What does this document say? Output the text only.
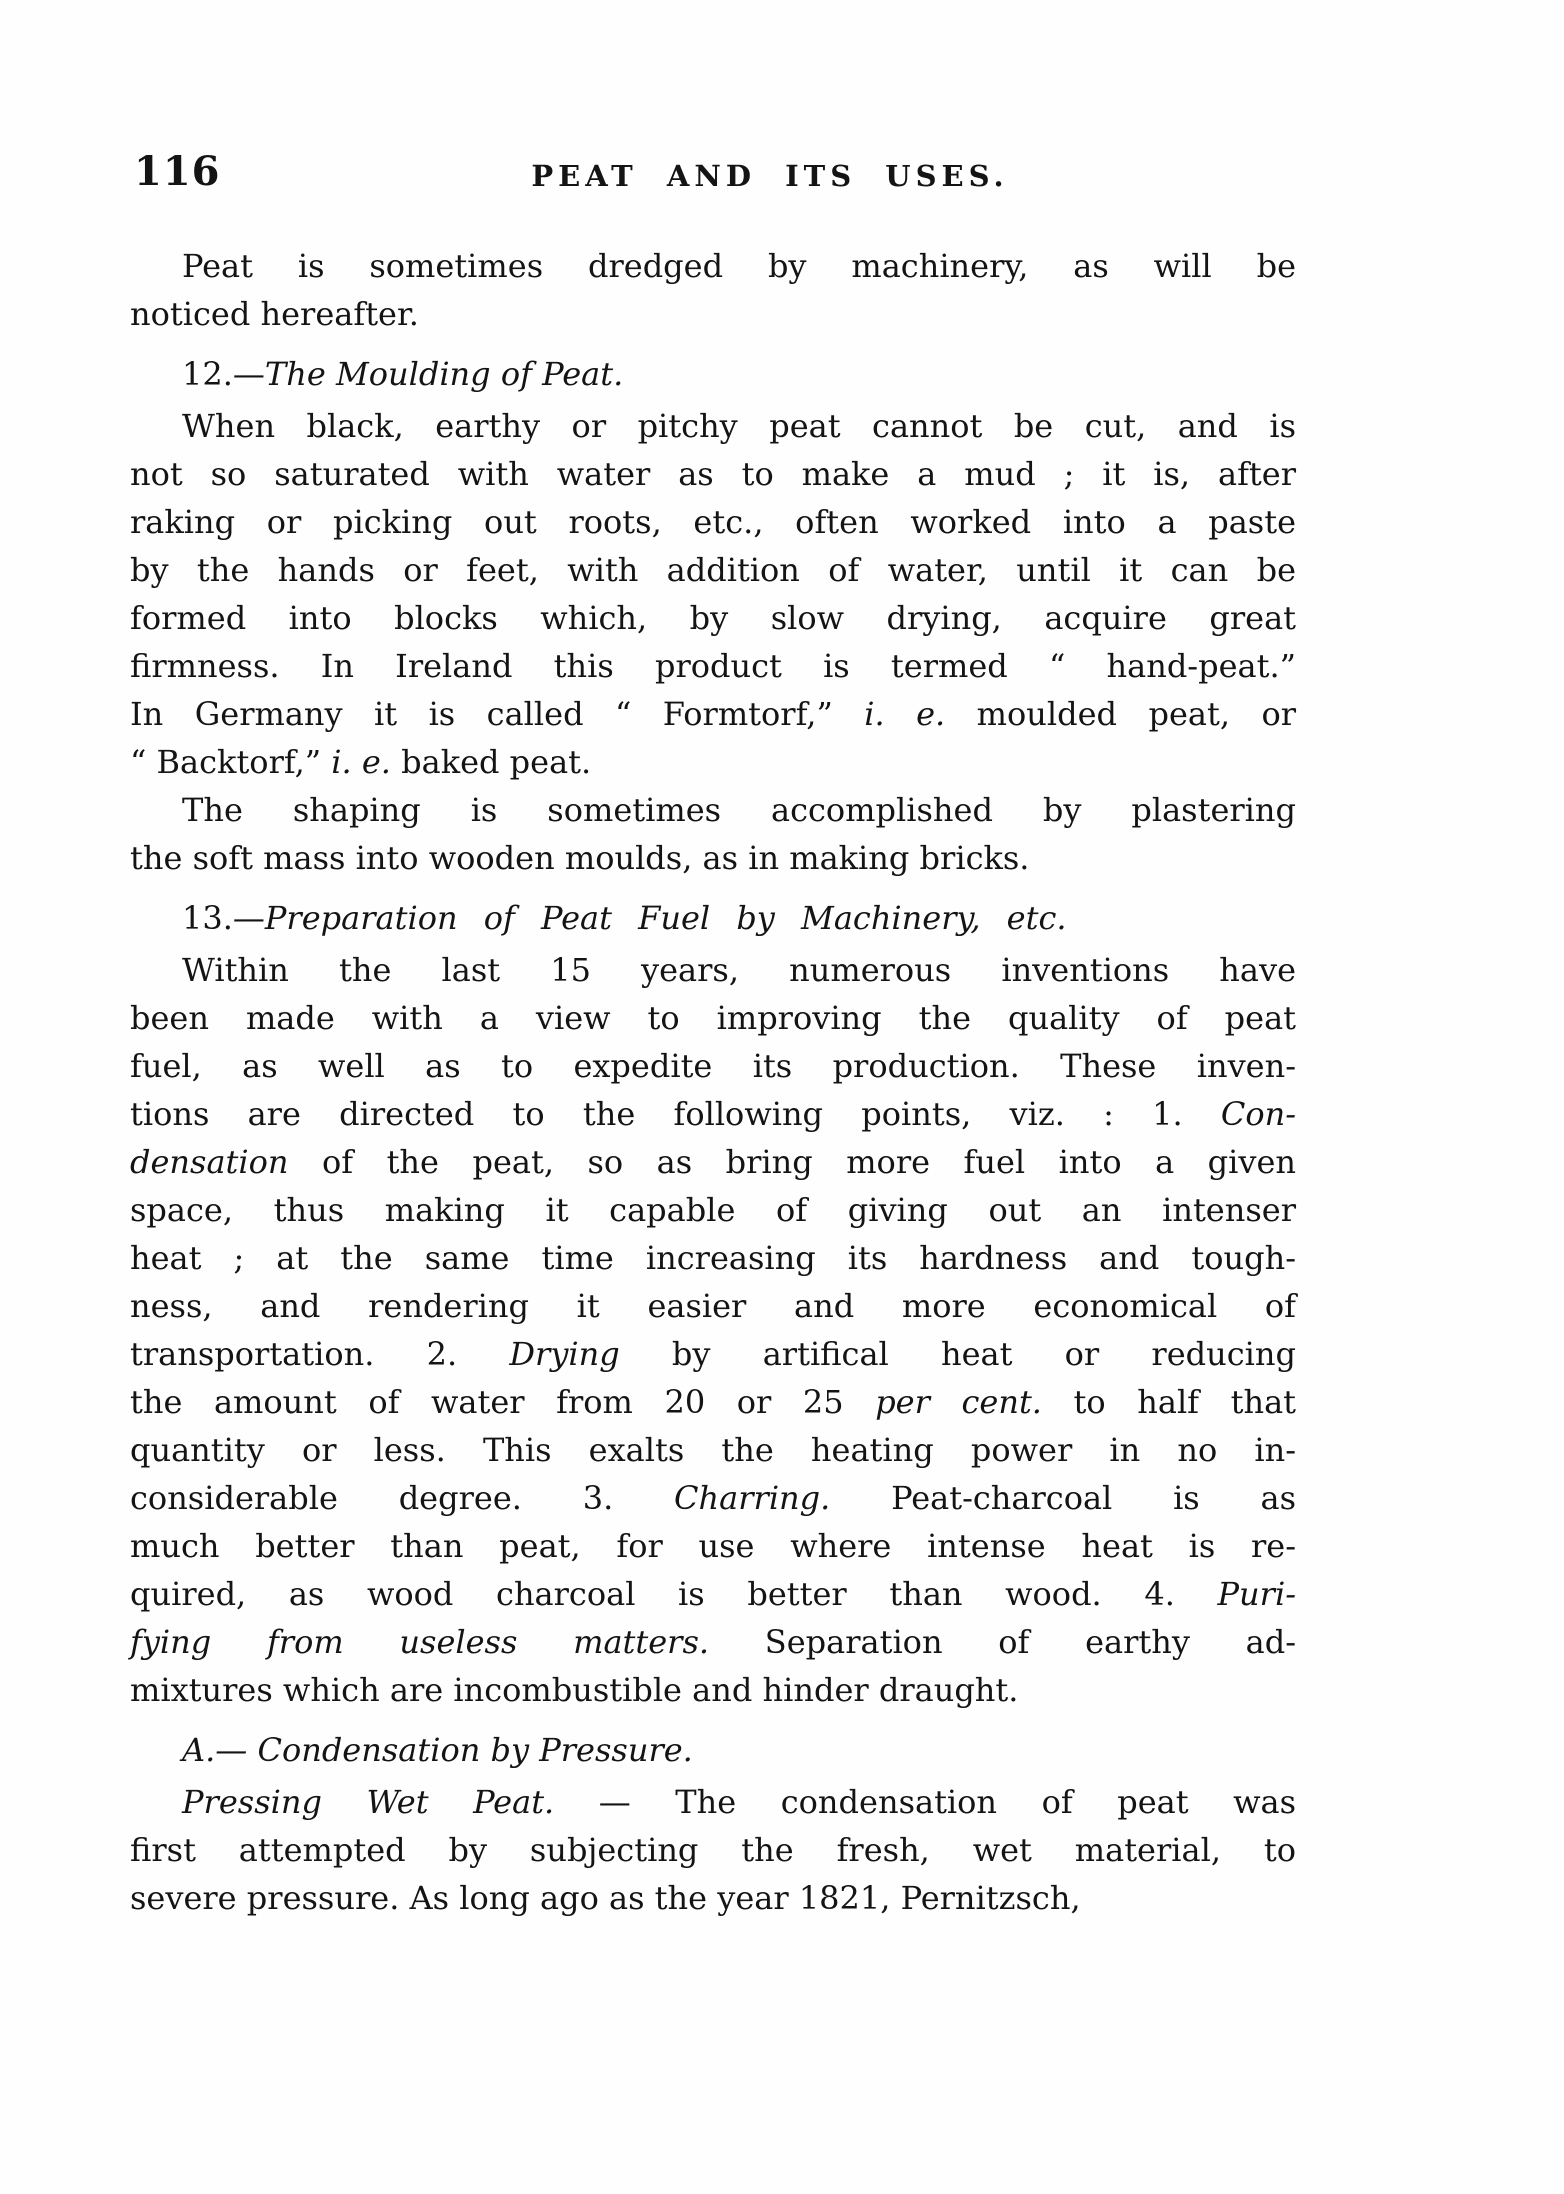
116	PEAT AND ITS USES.
Peat is sometimes dredged by machinery, as will be
noticed hereafter.
12.—The Moulding of Peat.
When black, earthy or pitchy peat cannot be cut, and is
not so saturated with water as to make a mud ; it is, after
raking or picking out roots, etc., often worked into a paste
by the hands or feet, with addition of water, until it can be
formed into blocks which, by slow drying, acquire great
firmness. In Ireland this product is termed “ hand-peat.”
In Germany it is called “ Formtorf,” i. e. moulded peat, or
“ Backtorf,” i. e. baked peat.
The shaping is sometimes accomplished by plastering
the soft mass into wooden moulds, as in making bricks.
13.—Preparation of Peat Fuel by Machinery, etc.
Within the last 15 years, numerous inventions have
been made with a view to improving the quality of peat
fuel, as well as to expedite its production. These inven-
tions are directed to the following points, viz. : 1. Con-
densation of the peat, so as bring more fuel into a given
space, thus making it capable of giving out an intenser
heat ; at the same time increasing its hardness and tough-
ness, and rendering it easier and more economical of
transportation. 2. Drying by artifical heat or reducing
the amount of water from 20 or 25 per cent. to half that
quantity or less. This exalts the heating power in no in-
considerable degree. 3. Charring. Peat-charcoal is as
much better than peat, for use where intense heat is re-
quired, as wood charcoal is better than wood. 4. Puri-
fying from useless matters. Separation of earthy ad-
mixtures which are incombustible and hinder draught.
A.— Condensation by Pressure.
Pressing Wet Peat. — The condensation of peat was
first attempted by subjecting the fresh, wet material, to
severe pressure. As long ago as the year 1821, Pernitzsch,
